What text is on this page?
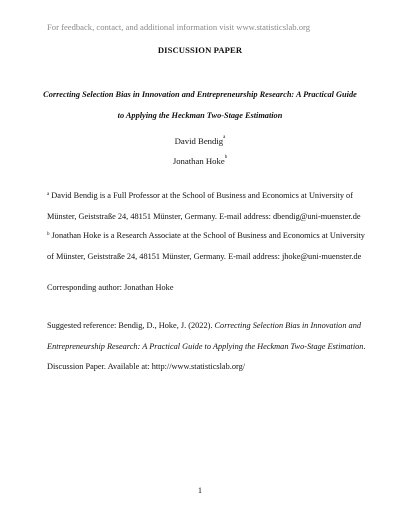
For feedback, contact, and additional information visit www.statisticslab.org
DISCUSSION PAPER
Correcting Selection Bias in Innovation and Entrepreneurship Research: A Practical Guide
to Applying the Heckman Two-Stage Estimation
David Bendig$^a$
Jonathan Hoke$^b$
$^a$ David Bendig is a Full Professor at the School of Business and Economics at University of
Münster, Geiststraße 24, 48151 Münster, Germany. E-mail address: dbendig@uni-muenster.de
$^b$ Jonathan Hoke is a Research Associate at the School of Business and Economics at University
of Münster, Geiststraße 24, 48151 Münster, Germany. E-mail address: jhoke@uni-muenster.de
Corresponding author: Jonathan Hoke
Suggested reference: Bendig, D., Hoke, J. (2022). Correcting Selection Bias in Innovation and
Entrepreneurship Research: A Practical Guide to Applying the Heckman Two-Stage Estimation.
Discussion Paper. Available at: http://www.statisticslab.org/
1
